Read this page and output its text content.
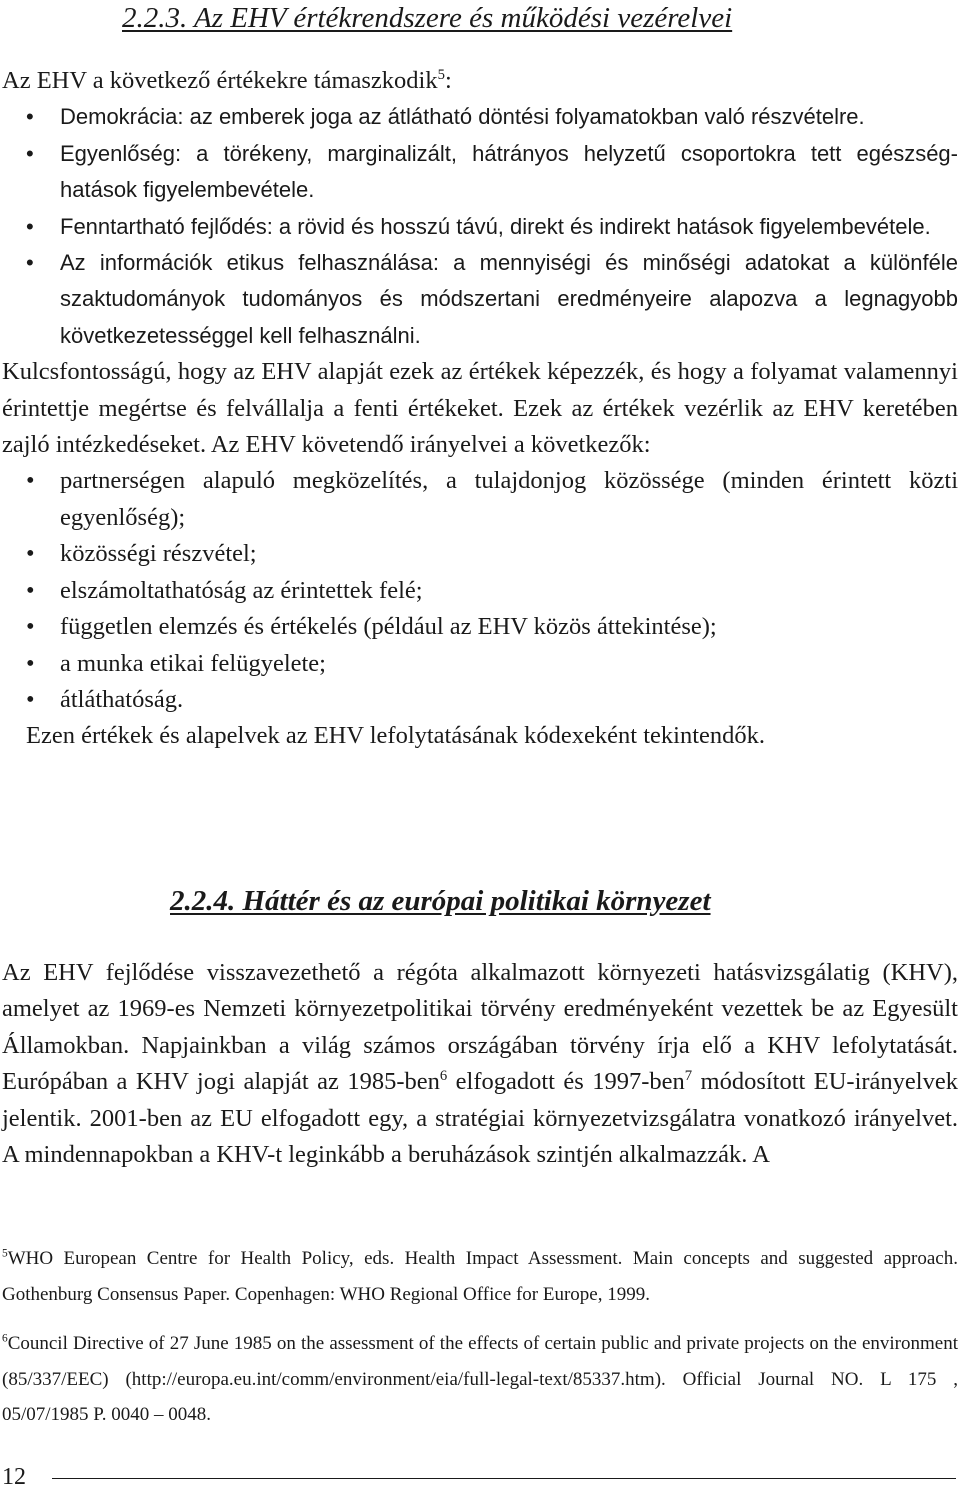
2.2.3. Az EHV értékrendszere és működési vezérelvei

Az EHV a következő értékekre támaszkodik$^5$:

• Demokrácia: az emberek joga az átlátható döntési folyamatokban való részvételre.
• Egyenlőség: a törékeny, marginalizált, hátrányos helyzetű csoportokra tett egészség-hatások figyelembevétele.
• Fenntartható fejlődés: a rövid és hosszú távú, direkt és indirekt hatások figyelembevétele.
• Az információk etikus felhasználása: a mennyiségi és minőségi adatokat a különféle szaktudományok tudományos és módszertani eredményeire alapozva a legnagyobb következetességgel kell felhasználni.

Kulcsfontosságú, hogy az EHV alapját ezek az értékek képezzék, és hogy a folyamat valamennyi érintettje megértse és felvállalja a fenti értékeket. Ezek az értékek vezérlik az EHV keretében zajló intézkedéseket. Az EHV követendő irányelvei a következők:

• partnerségen alapuló megközelítés, a tulajdonjog közössége (minden érintett közti egyenlőség);
• közösségi részvétel;
• elszámoltathatóság az érintettek felé;
• független elemzés és értékelés (például az EHV közös áttekintése);
• a munka etikai felügyelete;
• átláthatóság.

Ezen értékek és alapelvek az EHV lefolytatásának kódexeként tekintendők.

2.2.4. Háttér és az európai politikai környezet

Az EHV fejlődése visszavezethető a régóta alkalmazott környezeti hatásvizsgálatig (KHV), amelyet az 1969-es Nemzeti környezetpolitikai törvény eredményeként vezettek be az Egyesült Államokban. Napjainkban a világ számos országában törvény írja elő a KHV lefolytatását. Európában a KHV jogi alapját az 1985-ben$^6$ elfogadott és 1997-ben$^7$ módosított EU-irányelvek jelentik. 2001-ben az EU elfogadott egy, a stratégiai környezetvizsgálatra vonatkozó irányelvet. A mindennapokban a KHV-t leginkább a beruházások szintjén alkalmazzák. A

$^5$WHO European Centre for Health Policy, eds. Health Impact Assessment. Main concepts and suggested approach. Gothenburg Consensus Paper. Copenhagen: WHO Regional Office for Europe, 1999.

$^6$Council Directive of 27 June 1985 on the assessment of the effects of certain public and private projects on the environment (85/337/EEC) (http://europa.eu.int/comm/environment/eia/full-legal-text/85337.htm). Official Journal NO. L 175 , 05/07/1985 P. 0040 – 0048.

12
